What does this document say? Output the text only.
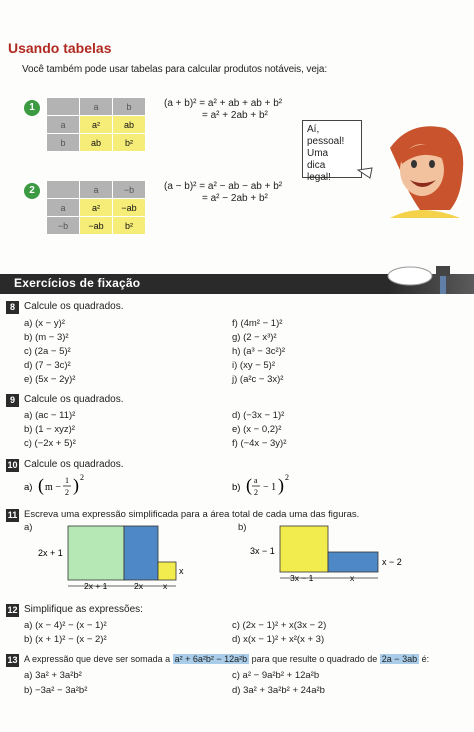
Usando tabelas
Você também pode usar tabelas para calcular produtos notáveis, veja:
1
		a	b
a	a²	ab
b	ab	b²
(a + b)² = a² + ab + ab + b²
= a² + 2ab + b²
2
		a	−b
a	a²	−ab
−b	−ab	b²
(a − b)² = a² − ab − ab + b²
= a² − 2ab + b²
Aí, pessoal!
Uma
dica
legal!
Exercícios de fixação
8 Calcule os quadrados.
a) (x − y)²
b) (m − 3)²
c) (2a − 5)²
d) (7 − 3c)²
e) (5x − 2y)²
f) (4m² − 1)²
g) (2 − x³)²
h) (a³ − 3c²)²
i) (xy − 5)²
j) (a²c − 3x)²
9 Calcule os quadrados.
a) (ac − 11)²
b) (1 − xyz)²
c) (−2x + 5)²
d) (−3x − 1)²
e) (x − 0,2)²
f) (−4x − 3y)²
10 Calcule os quadrados.
a) ( m −
1
2 ) 2
b) ( a
2 − 1 ) 2
11 Escreva uma expressão simplificada para a área total de cada uma das figuras.
a)	b)
2x + 1
x
2x + 1	2x x
3x − 1
x − 2
3x − 1	x
12 Simplifique as expressões:
a) (x − 4)² − (x − 1)²
b) (x + 1)² − (x − 2)²
c) (2x − 1)² + x(3x − 2)
d) x(x − 1)² + x²(x + 3)
13 A expressão que deve ser somada a a² + 6a²b² − 12a²b para que resulte o quadrado de 2a − 3ab é:
a) 3a² + 3a²b²
b) −3a² − 3a²b²
c) a² − 9a²b² + 12a²b
d) 3a² + 3a²b² + 24a²b
